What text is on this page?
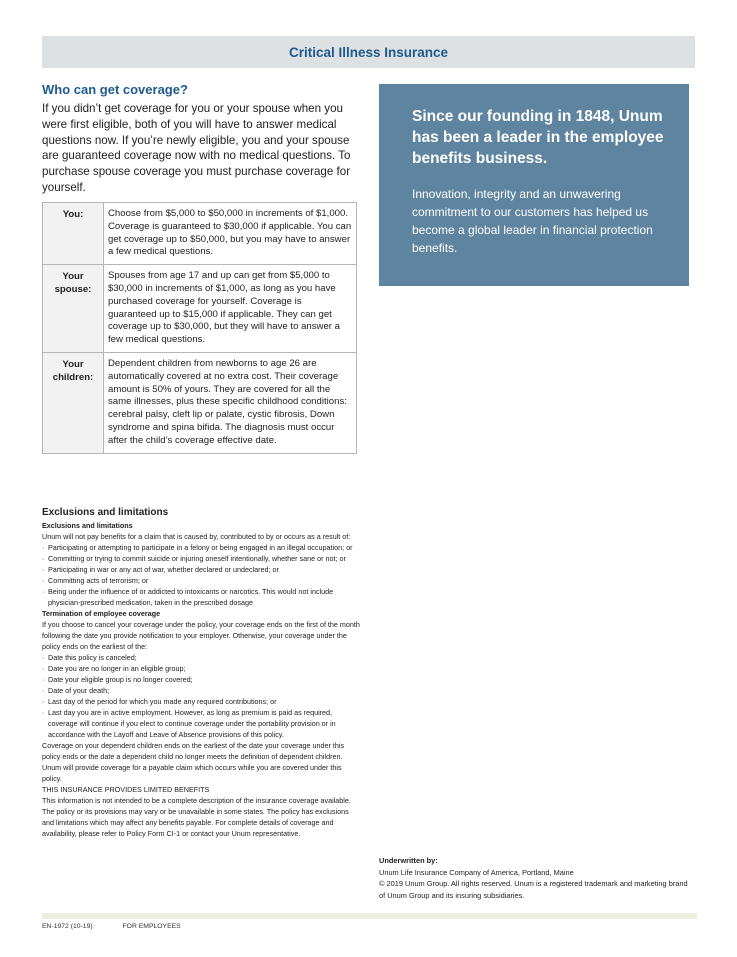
Critical Illness Insurance
Who can get coverage?

If you didn’t get coverage for you or your spouse when you were first eligible, both of you will have to answer medical questions now. If you’re newly eligible, you and your spouse are guaranteed coverage now with no medical questions. To purchase spouse coverage you must purchase coverage for yourself.

You:	Choose from $5,000 to $50,000 in increments of $1,000. Coverage is guaranteed to $30,000 if applicable. You can get coverage up to $50,000, but you may have to answer a few medical questions.
Your spouse:	Spouses from age 17 and up can get from $5,000 to $30,000 in increments of $1,000, as long as you have purchased coverage for yourself. Coverage is guaranteed up to $15,000 if applicable. They can get coverage up to $30,000, but they will have to answer a few medical questions.
Your children:	Dependent children from newborns to age 26 are automatically covered at no extra cost. Their coverage amount is 50% of yours. They are covered for all the same illnesses, plus these specific childhood conditions: cerebral palsy, cleft lip or palate, cystic fibrosis, Down syndrome and spina bifida. The diagnosis must occur after the child’s coverage effective date.

Since our founding in 1848, Unum has been a leader in the employee benefits business.

Innovation, integrity and an unwavering commitment to our customers has helped us become a global leader in financial protection benefits.

Exclusions and limitations

Exclusions and limitations

Unum will not pay benefits for a claim that is caused by, contributed to by or occurs as a result of:

· Participating or attempting to participate in a felony or being engaged in an illegal occupation; or
· Committing or trying to commit suicide or injuring oneself intentionally, whether sane or not; or
· Participating in war or any act of war, whether declared or undeclared; or
· Committing acts of terrorism; or
· Being under the influence of or addicted to intoxicants or narcotics. This would not include physician-prescribed medication, taken in the prescribed dosage

Termination of employee coverage

If you choose to cancel your coverage under the policy, your coverage ends on the first of the month following the date you provide notification to your employer. Otherwise, your coverage under the policy ends on the earliest of the:

· Date this policy is canceled;
· Date you are no longer in an eligible group;
· Date your eligible group is no longer covered;
· Date of your death;
· Last day of the period for which you made any required contributions; or
· Last day you are in active employment. However, as long as premium is paid as required, coverage will continue if you elect to continue coverage under the portability provision or in accordance with the Layoff and Leave of Absence provisions of this policy.

Coverage on your dependent children ends on the earliest of the date your coverage under this policy ends or the date a dependent child no longer meets the definition of dependent children.

Unum will provide coverage for a payable claim which occurs while you are covered under this policy.

THIS INSURANCE PROVIDES LIMITED BENEFITS

This information is not intended to be a complete description of the insurance coverage available. The policy or its provisions may vary or be unavailable in some states. The policy has exclusions and limitations which may affect any benefits payable. For complete details of coverage and availability, please refer to Policy Form CI-1 or contact your Unum representative.

Underwritten by:

Unum Life Insurance Company of America, Portland, Maine

© 2019 Unum Group. All rights reserved. Unum is a registered trademark and marketing brand of Unum Group and its insuring subsidiaries.

EN-1972 (10-19)	FOR EMPLOYEES
